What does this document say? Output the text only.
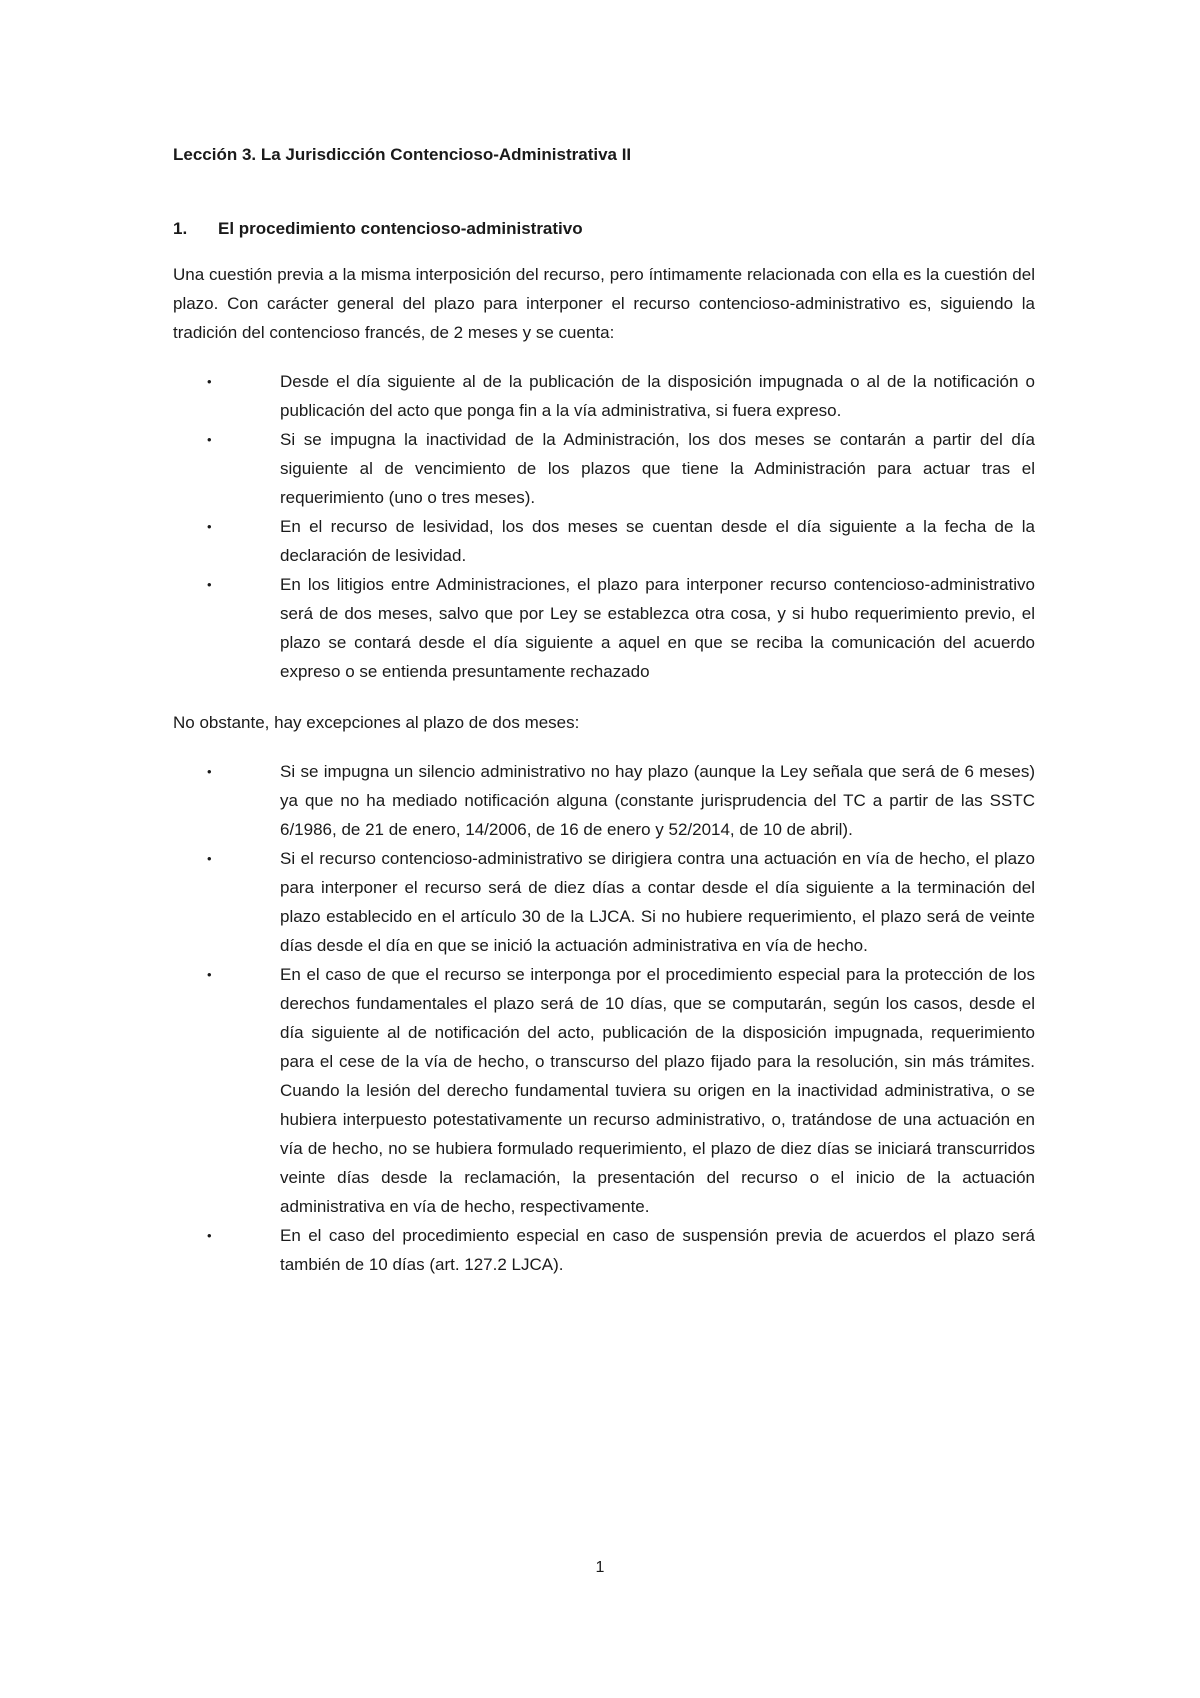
Lección 3. La Jurisdicción Contencioso-Administrativa II
1.	El procedimiento contencioso-administrativo

Una cuestión previa a la misma interposición del recurso, pero íntimamente relacionada con ella es la cuestión del plazo. Con carácter general del plazo para interponer el recurso contencioso-administrativo es, siguiendo la tradición del contencioso francés, de 2 meses y se cuenta:

•	Desde el día siguiente al de la publicación de la disposición impugnada o al de la notificación o publicación del acto que ponga fin a la vía administrativa, si fuera expreso.
•	Si se impugna la inactividad de la Administración, los dos meses se contarán a partir del día siguiente al de vencimiento de los plazos que tiene la Administración para actuar tras el requerimiento (uno o tres meses).
•	En el recurso de lesividad, los dos meses se cuentan desde el día siguiente a la fecha de la declaración de lesividad.
•	En los litigios entre Administraciones, el plazo para interponer recurso contencioso-administrativo será de dos meses, salvo que por Ley se establezca otra cosa, y si hubo requerimiento previo, el plazo se contará desde el día siguiente a aquel en que se reciba la comunicación del acuerdo expreso o se entienda presuntamente rechazado

No obstante, hay excepciones al plazo de dos meses:

•	Si se impugna un silencio administrativo no hay plazo (aunque la Ley señala que será de 6 meses) ya que no ha mediado notificación alguna (constante jurisprudencia del TC a partir de las SSTC 6/1986, de 21 de enero, 14/2006, de 16 de enero y 52/2014, de 10 de abril).
•	Si el recurso contencioso-administrativo se dirigiera contra una actuación en vía de hecho, el plazo para interponer el recurso será de diez días a contar desde el día siguiente a la terminación del plazo establecido en el artículo 30 de la LJCA. Si no hubiere requerimiento, el plazo será de veinte días desde el día en que se inició la actuación administrativa en vía de hecho.
•	En el caso de que el recurso se interponga por el procedimiento especial para la protección de los derechos fundamentales el plazo será de 10 días, que se computarán, según los casos, desde el día siguiente al de notificación del acto, publicación de la disposición impugnada, requerimiento para el cese de la vía de hecho, o transcurso del plazo fijado para la resolución, sin más trámites. Cuando la lesión del derecho fundamental tuviera su origen en la inactividad administrativa, o se hubiera interpuesto potestativamente un recurso administrativo, o, tratándose de una actuación en vía de hecho, no se hubiera formulado requerimiento, el plazo de diez días se iniciará transcurridos veinte días desde la reclamación, la presentación del recurso o el inicio de la actuación administrativa en vía de hecho, respectivamente.
•	En el caso del procedimiento especial en caso de suspensión previa de acuerdos el plazo será también de 10 días (art. 127.2 LJCA).
1
